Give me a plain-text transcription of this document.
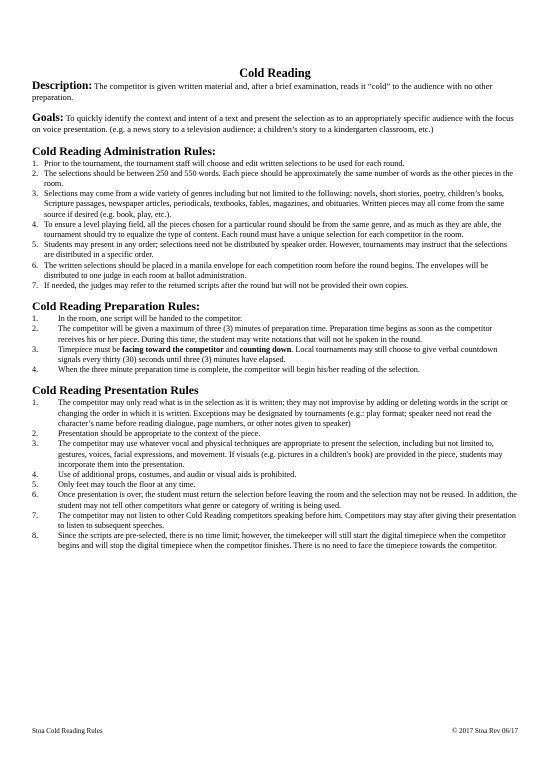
Cold Reading

Description: The competitor is given written material and, after a brief examination, reads it “cold” to the audience with no other preparation.

Goals: To quickly identify the context and intent of a text and present the selection as to an appropriately specific audience with the focus on voice presentation. (e.g. a news story to a television audience; a children’s story to a kindergarten classroom, etc.)

Cold Reading Administration Rules:
1. Prior to the tournament, the tournament staff will choose and edit written selections to be used for each round.
2. The selections should be between 250 and 550 words. Each piece should be approximately the same number of words as the other pieces in the room.
3. Selections may come from a wide variety of genres including but not limited to the following: novels, short stories, poetry, children’s books, Scripture passages, newspaper articles, periodicals, textbooks, fables, magazines, and obituaries. Written pieces may all come from the same source if desired (e.g. book, play, etc.).
4. To ensure a level playing field, all the pieces chosen for a particular round should be from the same genre, and as much as they are able, the tournament should try to equalize the type of content. Each round must have a unique selection for each competitor in the room.
5. Students may present in any order; selections need not be distributed by speaker order. However, tournaments may instruct that the selections are distributed in a specific order.
6. The written selections should be placed in a manila envelope for each competition room before the round begins. The envelopes will be distributed to one judge in each room at ballot administration.
7. If needed, the judges may refer to the returned scripts after the round but will not be provided their own copies.
Cold Reading Preparation Rules:
1. In the room, one script will be handed to the competitor.
2. The competitor will be given a maximum of three (3) minutes of preparation time. Preparation time begins as soon as the competitor receives his or her piece. During this time, the student may write notations that will not be spoken in the round.
3. Timepiece must be facing toward the competitor and counting down. Local tournaments may still choose to give verbal countdown signals every thirty (30) seconds until three (3) minutes have elapsed.
4. When the three minute preparation time is complete, the competitor will begin his/her reading of the selection.
Cold Reading Presentation Rules
1. The competitor may only read what is in the selection as it is written; they may not improvise by adding or deleting words in the script or changing the order in which it is written. Exceptions may be designated by tournaments (e.g.: play format; speaker need not read the character’s name before reading dialogue, page numbers, or other notes given to speaker)
2. Presentation should be appropriate to the context of the piece.
3. The competitor may use whatever vocal and physical techniques are appropriate to present the selection, including but not limited to, gestures, voices, facial expressions, and movement. If visuals (e.g. pictures in a children's book) are provided in the piece, students may incorporate them into the presentation.
4. Use of additional props, costumes, and audio or visual aids is prohibited.
5. Only feet may touch the floor at any time.
6. Once presentation is over, the student must return the selection before leaving the room and the selection may not be reused. In addition, the student may not tell other competitors what genre or category of writing is being used.
7. The competitor may not listen to other Cold Reading competitors speaking before him. Competitors may stay after giving their presentation to listen to subsequent speeches.
8. Since the scripts are pre-selected, there is no time limit; however, the timekeeper will still start the digital timepiece when the competitor begins and will stop the digital timepiece when the competitor finishes. There is no need to face the timepiece towards the competitor.
Stoa Cold Reading Rules	© 2017 Stoa Rev 06/17
